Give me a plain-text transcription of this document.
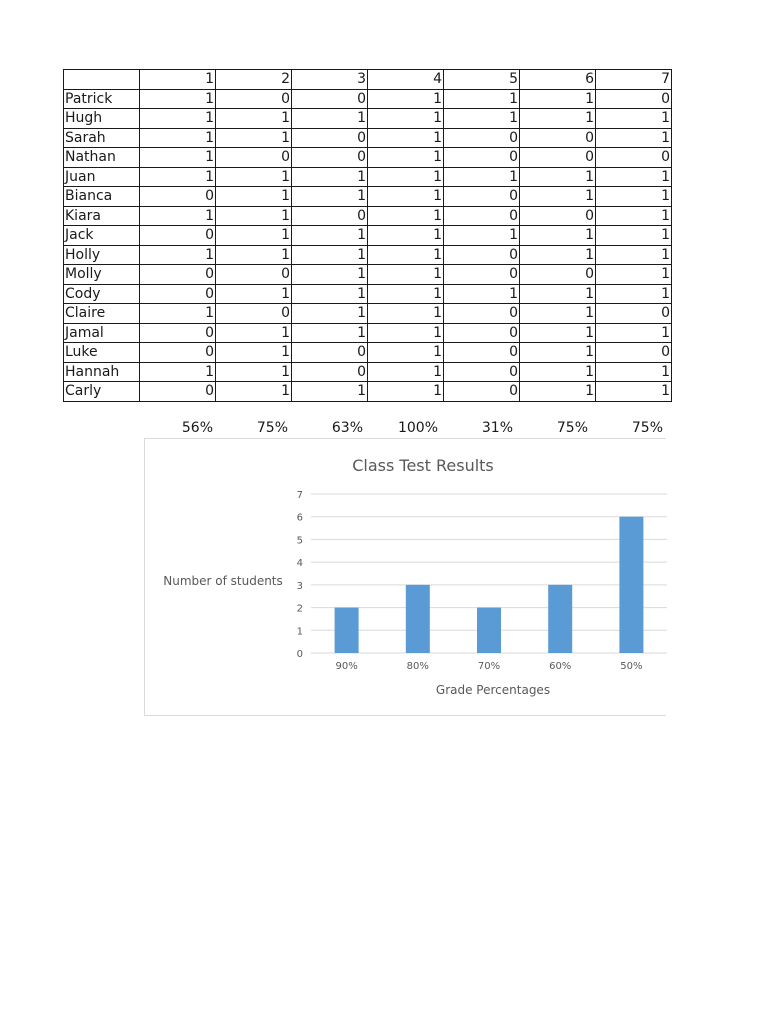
	1	2	3	4	5	6	7
Patrick	1	0	0	1	1	1	0
Hugh	1	1	1	1	1	1	1
Sarah	1	1	0	1	0	0	1
Nathan	1	0	0	1	0	0	0
Juan	1	1	1	1	1	1	1
Bianca	0	1	1	1	0	1	1
Kiara	1	1	0	1	0	0	1
Jack	0	1	1	1	1	1	1
Holly	1	1	1	1	0	1	1
Molly	0	0	1	1	0	0	1
Cody	0	1	1	1	1	1	1
Claire	1	0	1	1	0	1	0
Jamal	0	1	1	1	0	1	1
Luke	0	1	0	1	0	1	0
Hannah	1	1	0	1	0	1	1
Carly	0	1	1	1	0	1	1
56%	75%	63%	100%	31%	75%	75%
Class Test Results
Number of students
Grade Percentages
0
1
2
3
4
5
6
7
90%	80%	70%	60%	50%
